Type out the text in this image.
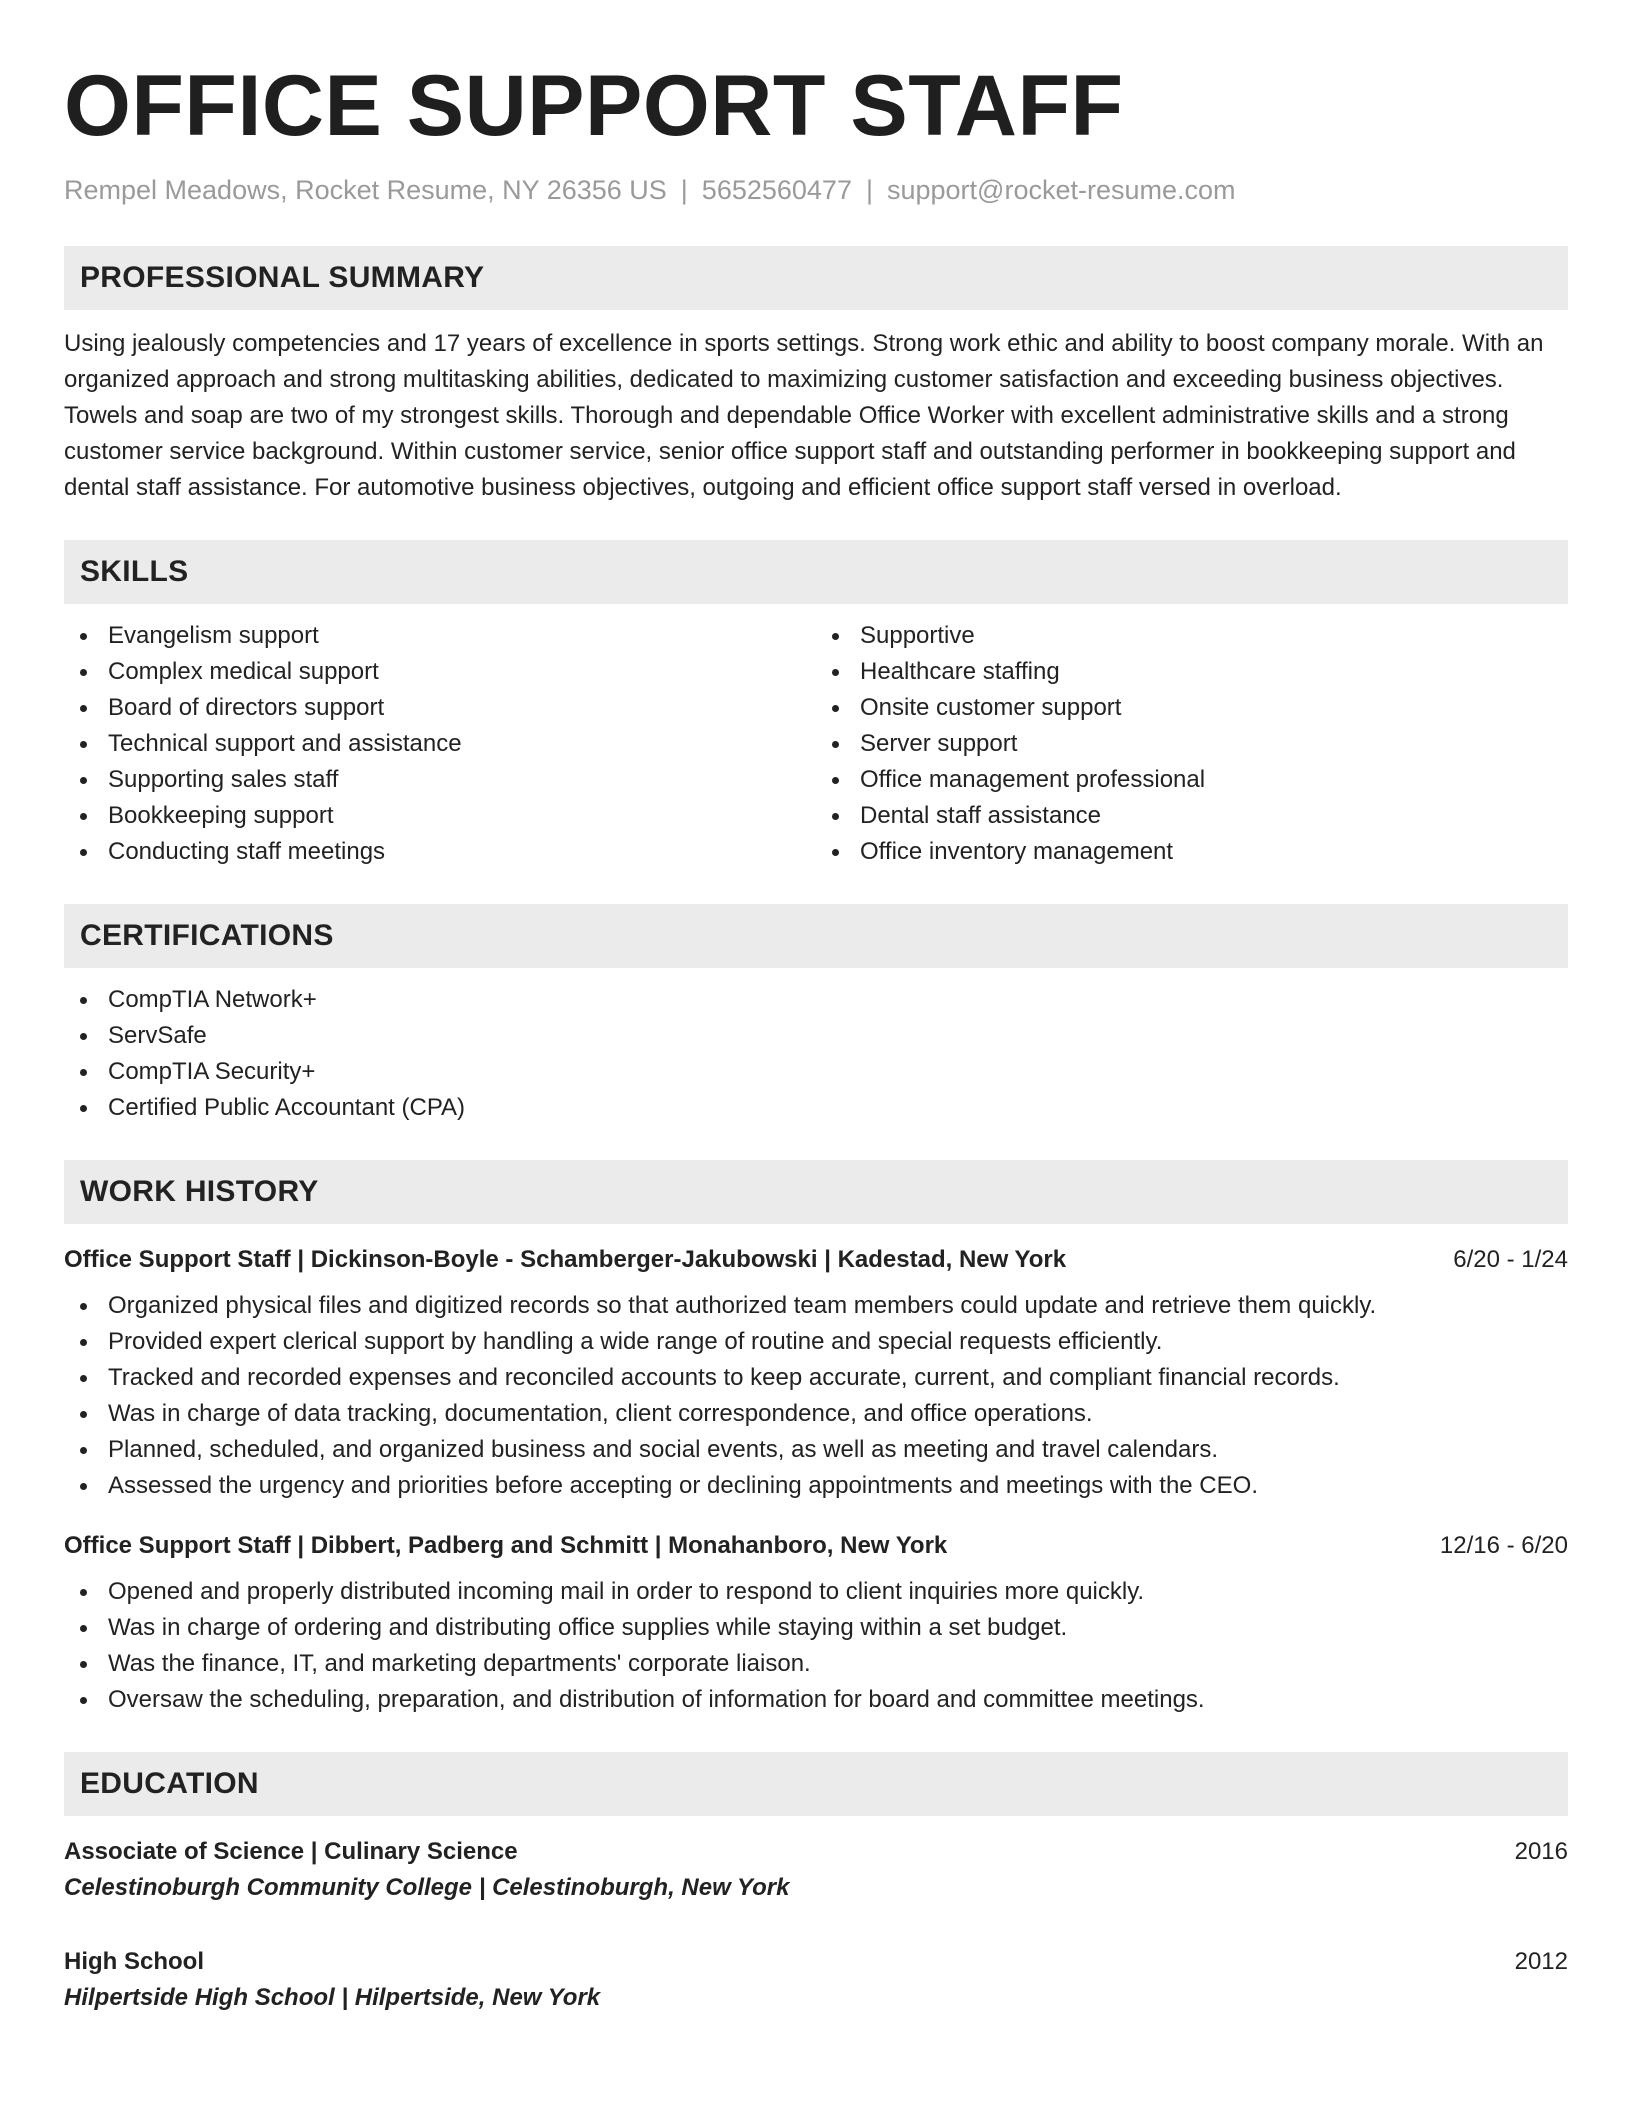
OFFICE SUPPORT STAFF
Rempel Meadows, Rocket Resume, NY 26356 US | 5652560477 | support@rocket-resume.com
PROFESSIONAL SUMMARY

Using jealously competencies and 17 years of excellence in sports settings. Strong work ethic and ability to boost company morale. With an organized approach and strong multitasking abilities, dedicated to maximizing customer satisfaction and exceeding business objectives. Towels and soap are two of my strongest skills. Thorough and dependable Office Worker with excellent administrative skills and a strong customer service background. Within customer service, senior office support staff and outstanding performer in bookkeeping support and dental staff assistance. For automotive business objectives, outgoing and efficient office support staff versed in overload.

SKILLS
Evangelism support
Complex medical support
Board of directors support
Technical support and assistance
Supporting sales staff
Bookkeeping support
Conducting staff meetings
Supportive
Healthcare staffing
Onsite customer support
Server support
Office management professional
Dental staff assistance
Office inventory management
CERTIFICATIONS
CompTIA Network+
ServSafe
CompTIA Security+
Certified Public Accountant (CPA)
WORK HISTORY
Office Support Staff | Dickinson-Boyle - Schamberger-Jakubowski | Kadestad, New York	6/20 - 1/24
Organized physical files and digitized records so that authorized team members could update and retrieve them quickly.
Provided expert clerical support by handling a wide range of routine and special requests efficiently.
Tracked and recorded expenses and reconciled accounts to keep accurate, current, and compliant financial records.
Was in charge of data tracking, documentation, client correspondence, and office operations.
Planned, scheduled, and organized business and social events, as well as meeting and travel calendars.
Assessed the urgency and priorities before accepting or declining appointments and meetings with the CEO.
Office Support Staff | Dibbert, Padberg and Schmitt | Monahanboro, New York	12/16 - 6/20
Opened and properly distributed incoming mail in order to respond to client inquiries more quickly.
Was in charge of ordering and distributing office supplies while staying within a set budget.
Was the finance, IT, and marketing departments' corporate liaison.
Oversaw the scheduling, preparation, and distribution of information for board and committee meetings.
EDUCATION
Associate of Science | Culinary Science	2016
Celestinoburgh Community College | Celestinoburgh, New York
High School	2012
Hilpertside High School | Hilpertside, New York
